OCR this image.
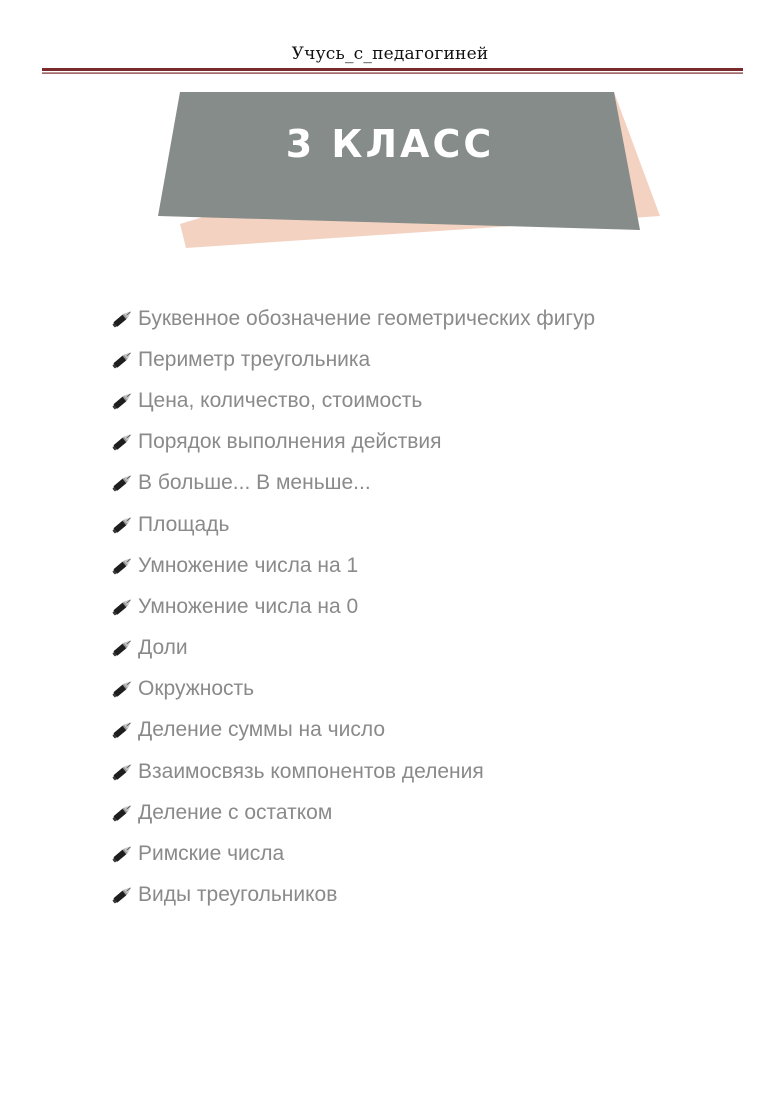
Учусь_с_педагогиней
3 КЛАСС
Буквенное обозначение геометрических фигур
Периметр треугольника
Цена, количество, стоимость
Порядок выполнения действия
В больше... В меньше...
Площадь
Умножение числа на 1
Умножение числа на 0
Доли
Окружность
Деление суммы на число
Взаимосвязь компонентов деления
Деление с остатком
Римские числа
Виды треугольников
